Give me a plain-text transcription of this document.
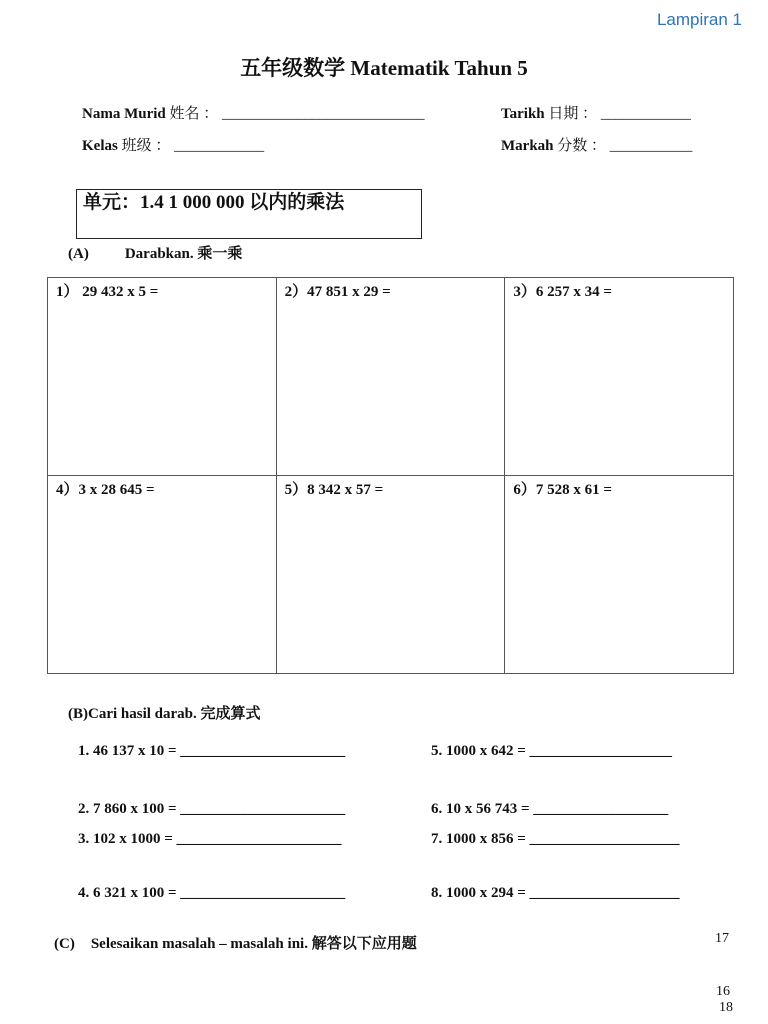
Lampiran 1
五年级数学 Matematik Tahun 5
Nama Murid 姓名 ： ___________________________	Tarikh 日期 ： ____________
Kelas 班级 ： ____________	Markah 分数 ： ___________
单元：1.4 1 000 000 以内的乘法
(A) Darabkan. 乘一乘
1） 29 432 x 5 =	2）47 851 x 29 =	3）6 257 x 34 =
4）3 x 28 645 =	5）8 342 x 57 =	6）7 528 x 61 =
(B)Cari hasil darab. 完成算式
1. 46 137 x 10 = ______________________	5. 1000 x 642 = ___________________
2. 7 860 x 100 = ______________________	6. 10 x 56 743 = __________________
3. 102 x 1000 = ______________________	7. 1000 x 856 = ____________________
4. 6 321 x 100 = ______________________	8. 1000 x 294 = ____________________
(C) Selesaikan masalah – masalah ini. 解答以下应用题	17
16
18
